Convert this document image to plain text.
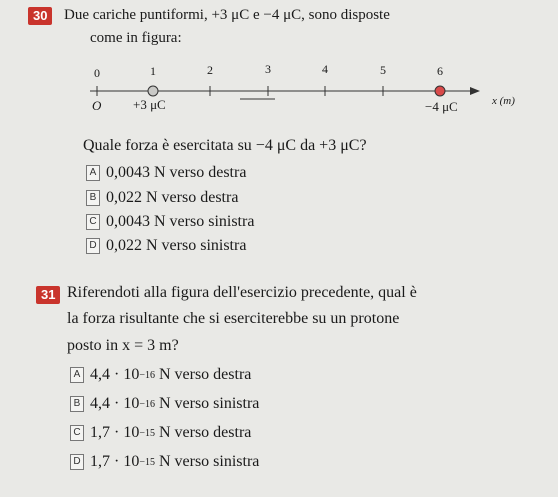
30	Due cariche puntiformi, +3 μC e −4 μC, sono disposte
come in figura:
0	1	2	3	4	5	6
O +3 μC	−4 μC	x (m)
Quale forza è esercitata su −4 μC da +3 μC?
A 0,0043 N verso destra
B 0,022 N verso destra
C 0,0043 N verso sinistra
D 0,022 N verso sinistra
31 Riferendoti alla figura dell'esercizio precedente, qual è
la forza risultante che si eserciterebbe su un protone
posto in x = 3 m?
A 4,4 · 10 −16 N verso destra
B 4,4 · 10 −16 N verso sinistra
C 1,7 · 10 −15 N verso destra
D 1,7 · 10 −15 N verso sinistra
